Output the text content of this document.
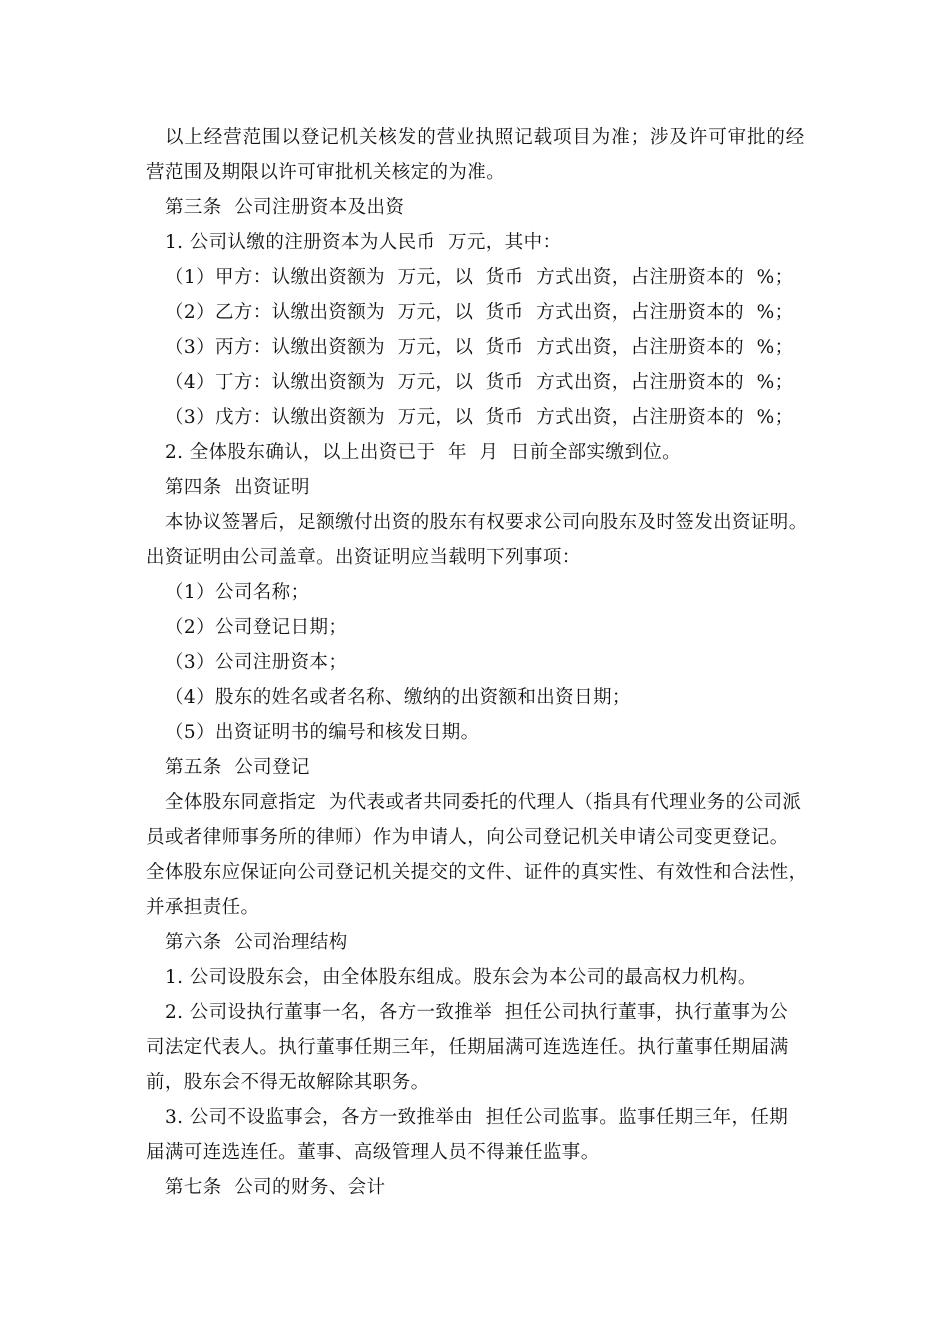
以上经营范围以登记机关核发的营业执照记载项目为准；涉及许可审批的经
营范围及期限以许可审批机关核定的为准。
第三条  公司注册资本及出资
1. 公司认缴的注册资本为人民币  万元，其中：
（1）甲方：认缴出资额为  万元，以  货币  方式出资，占注册资本的  %；
（2）乙方：认缴出资额为  万元，以  货币  方式出资，占注册资本的  %；
（3）丙方：认缴出资额为  万元，以  货币  方式出资，占注册资本的  %；
（4）丁方：认缴出资额为  万元，以  货币  方式出资，占注册资本的  %；
（3）戊方：认缴出资额为  万元，以  货币  方式出资，占注册资本的  %；
2. 全体股东确认，以上出资已于  年  月  日前全部实缴到位。
第四条  出资证明
本协议签署后，足额缴付出资的股东有权要求公司向股东及时签发出资证明。
出资证明由公司盖章。出资证明应当载明下列事项：
（1）公司名称；
（2）公司登记日期；
（3）公司注册资本；
（4）股东的姓名或者名称、缴纳的出资额和出资日期；
（5）出资证明书的编号和核发日期。
第五条  公司登记
全体股东同意指定  为代表或者共同委托的代理人（指具有代理业务的公司派
员或者律师事务所的律师）作为申请人，向公司登记机关申请公司变更登记。
全体股东应保证向公司登记机关提交的文件、证件的真实性、有效性和合法性，
并承担责任。
第六条  公司治理结构
1. 公司设股东会，由全体股东组成。股东会为本公司的最高权力机构。
2. 公司设执行董事一名，各方一致推举  担任公司执行董事，执行董事为公
司法定代表人。执行董事任期三年，任期届满可连选连任。执行董事任期届满
前，股东会不得无故解除其职务。
3. 公司不设监事会，各方一致推举由  担任公司监事。监事任期三年，任期
届满可连选连任。董事、高级管理人员不得兼任监事。
第七条  公司的财务、会计
